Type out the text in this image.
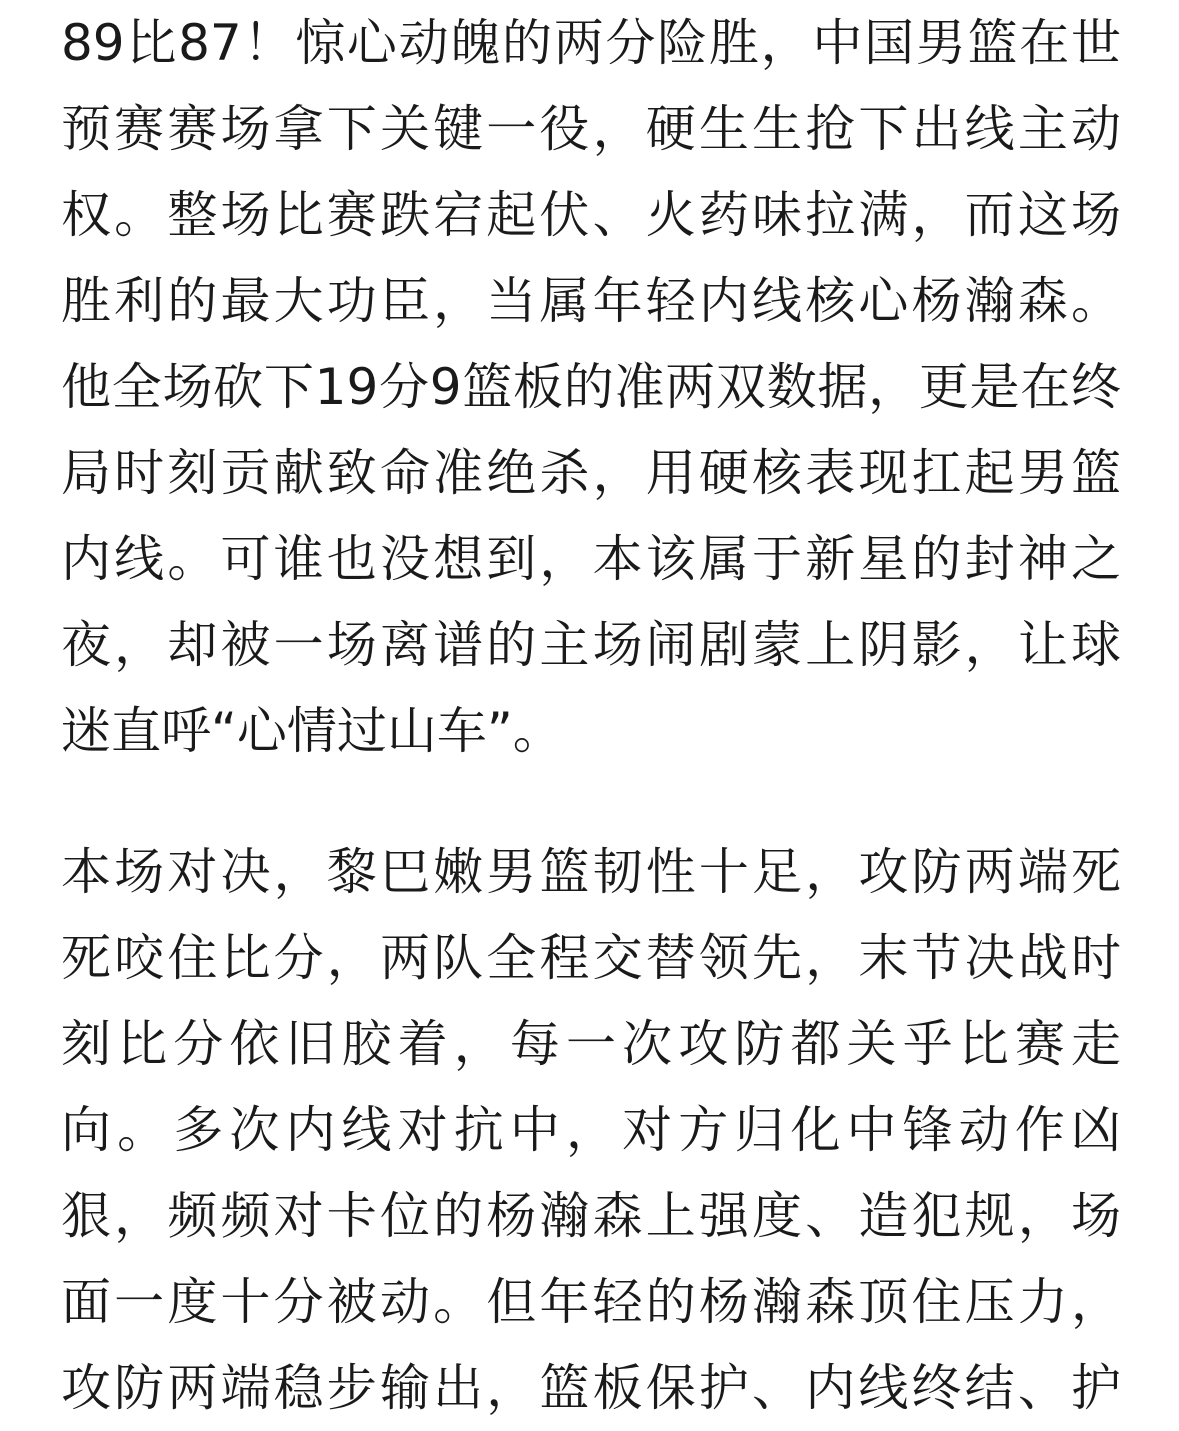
89比87！惊心动魄的两分险胜，中国男篮在世
预赛赛场拿下关键一役，硬生生抢下出线主动
权。整场比赛跌宕起伏、火药味拉满，而这场
胜利的最大功臣，当属年轻内线核心杨瀚森。
他全场砍下19分9篮板的准两双数据，更是在终
局时刻贡献致命准绝杀，用硬核表现扛起男篮
内线。可谁也没想到，本该属于新星的封神之
夜，却被一场离谱的主场闹剧蒙上阴影，让球
迷直呼“心情过山车”。

本场对决，黎巴嫩男篮韧性十足，攻防两端死
死咬住比分，两队全程交替领先，末节决战时
刻比分依旧胶着，每一次攻防都关乎比赛走
向。多次内线对抗中，对方归化中锋动作凶
狠，频频对卡位的杨瀚森上强度、造犯规，场
面一度十分被动。但年轻的杨瀚森顶住压力，
攻防两端稳步输出，篮板保护、内线终结、护
